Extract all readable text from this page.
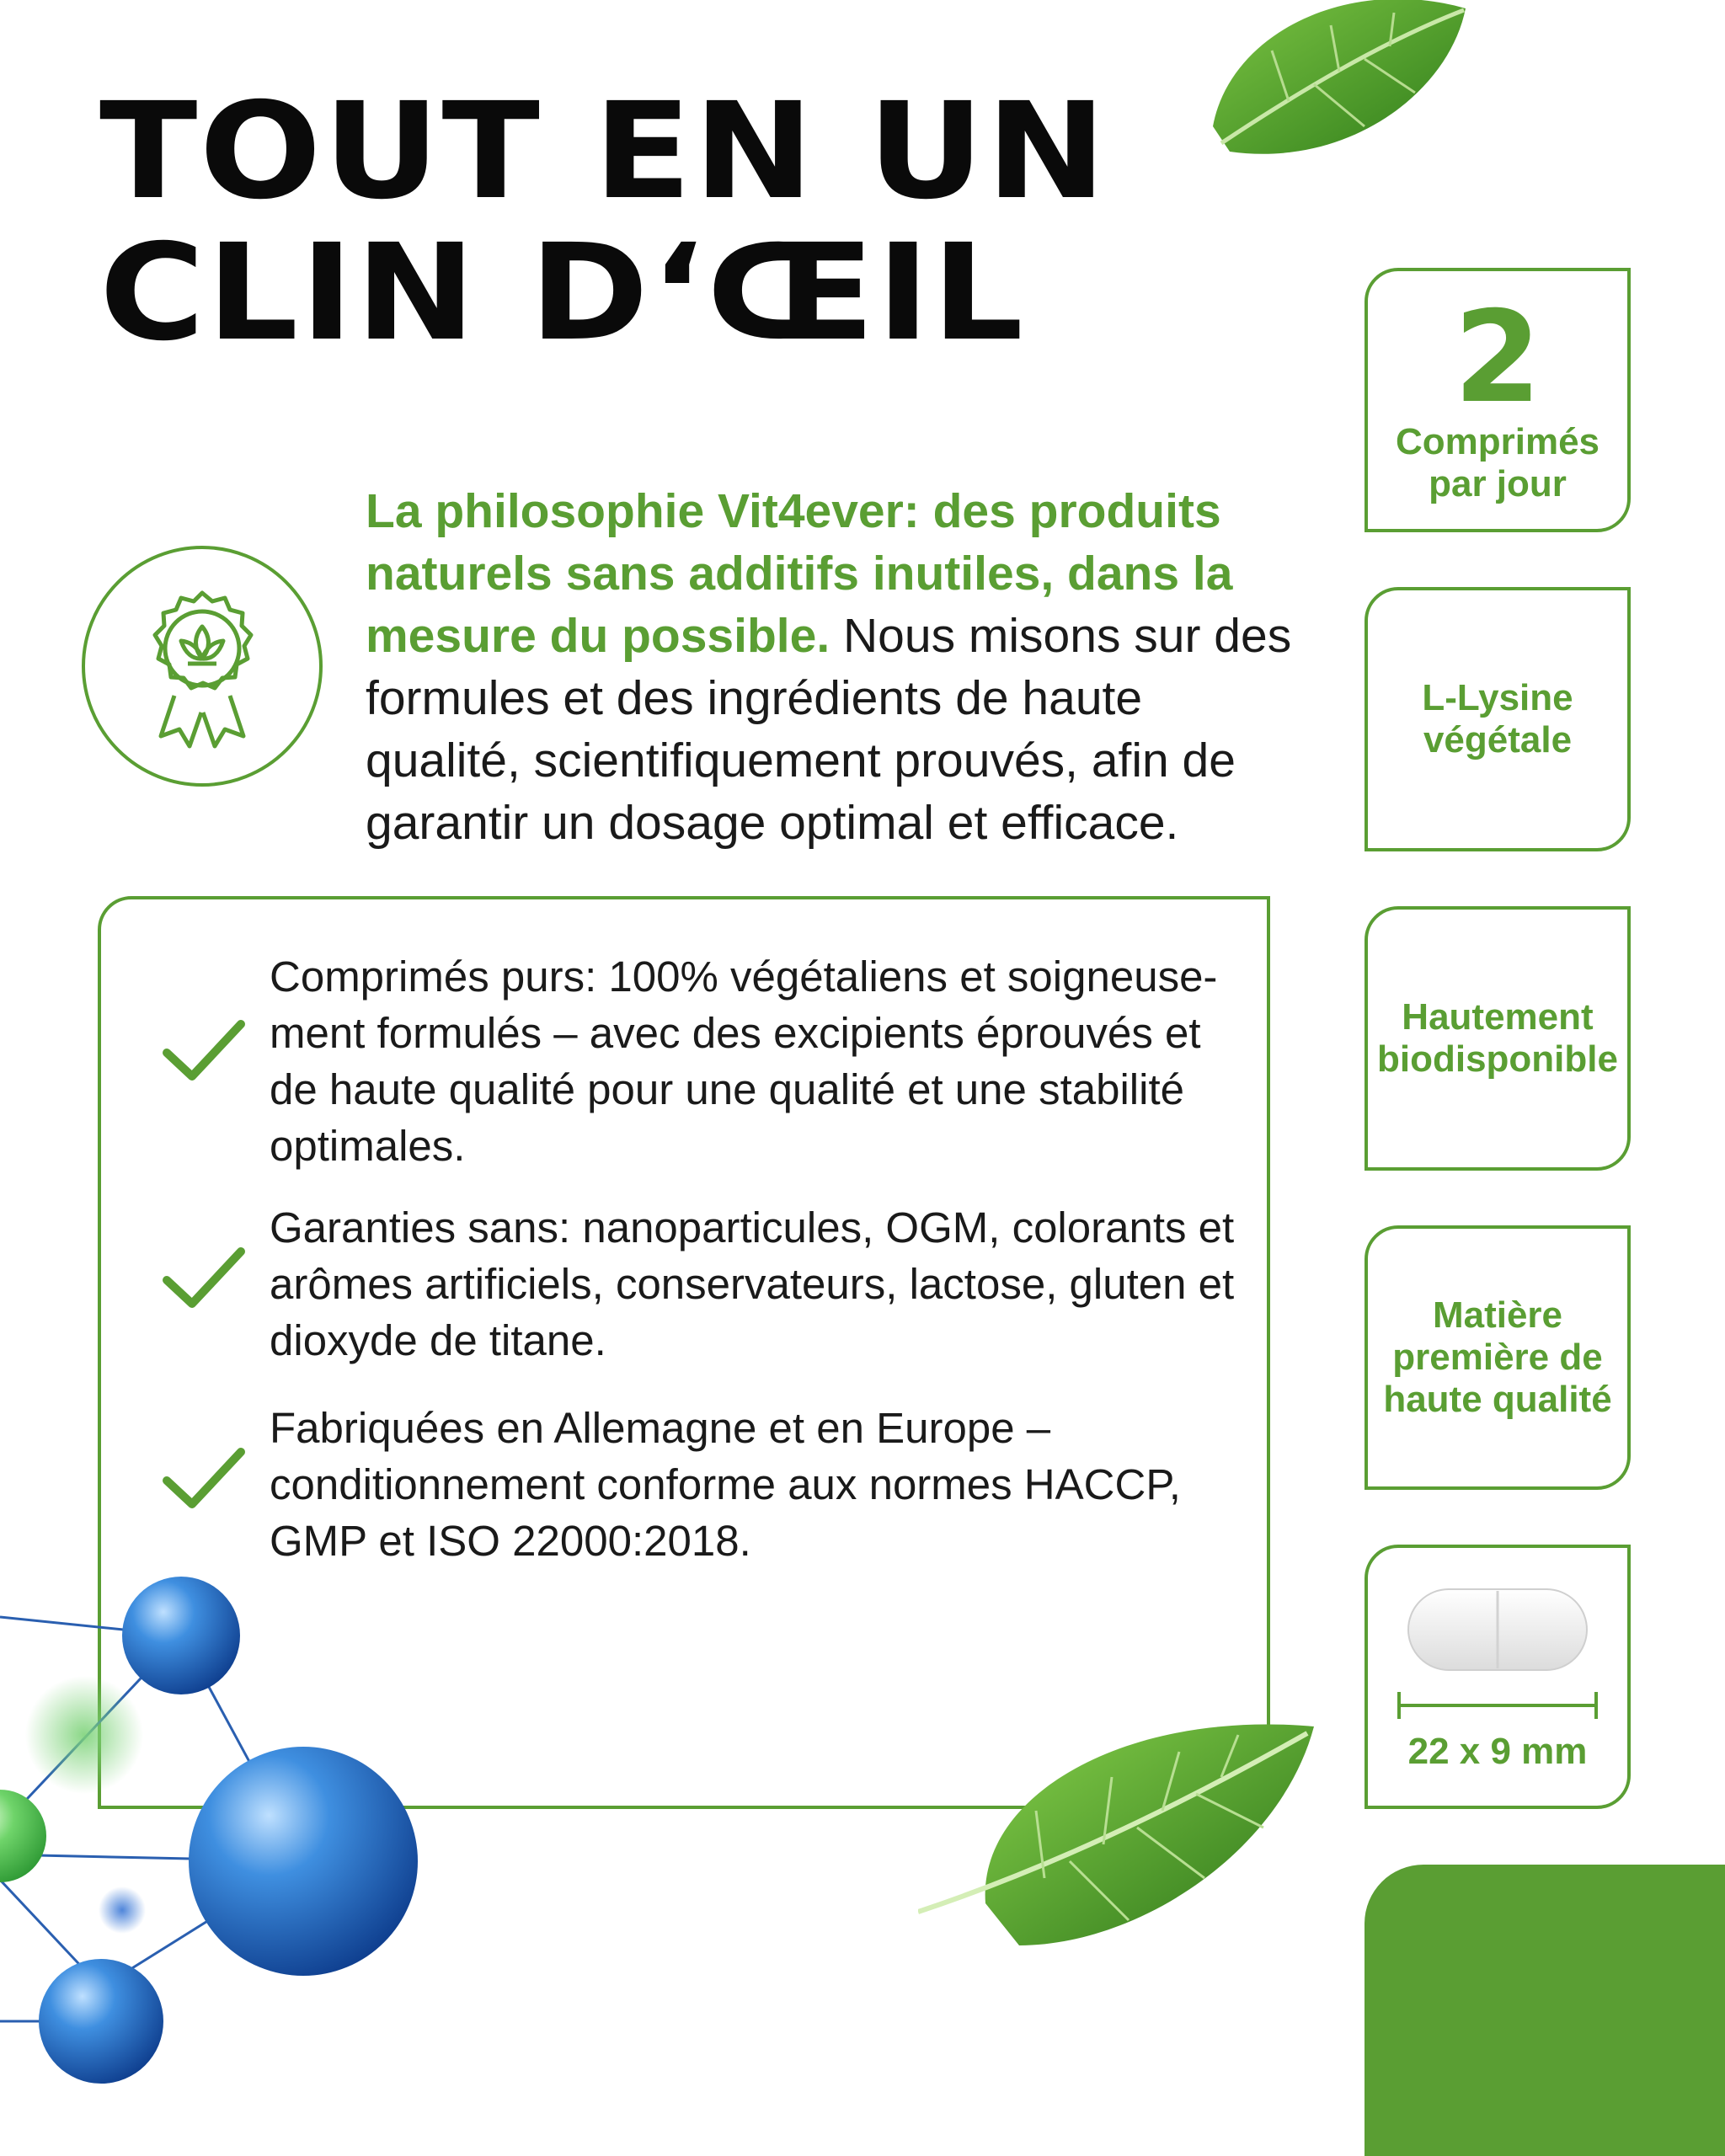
TOUT EN UN
CLIN D‘ŒIL

La philosophie Vit4ever: des produits naturels sans additifs inutiles, dans la mesure du possible. Nous misons sur des formules et des ingrédients de haute qualité, scientifiquement prouvés, afin de garantir un dosage optimal et efficace.

Comprimés purs: 100% végétaliens et soigneuse-ment formulés – avec des excipients éprouvés et de haute qualité pour une qualité et une stabilité optimales.

Garanties sans: nanoparticules, OGM, colorants et arômes artificiels, conservateurs, lactose, gluten et dioxyde de titane.

Fabriquées en Allemagne et en Europe – conditionnement conforme aux normes HACCP, GMP et ISO 22000:2018.

2
Comprimés
par jour
L-Lysine
végétale
Hautement
biodisponible
Matière
première de
haute qualité
22 x 9 mm
